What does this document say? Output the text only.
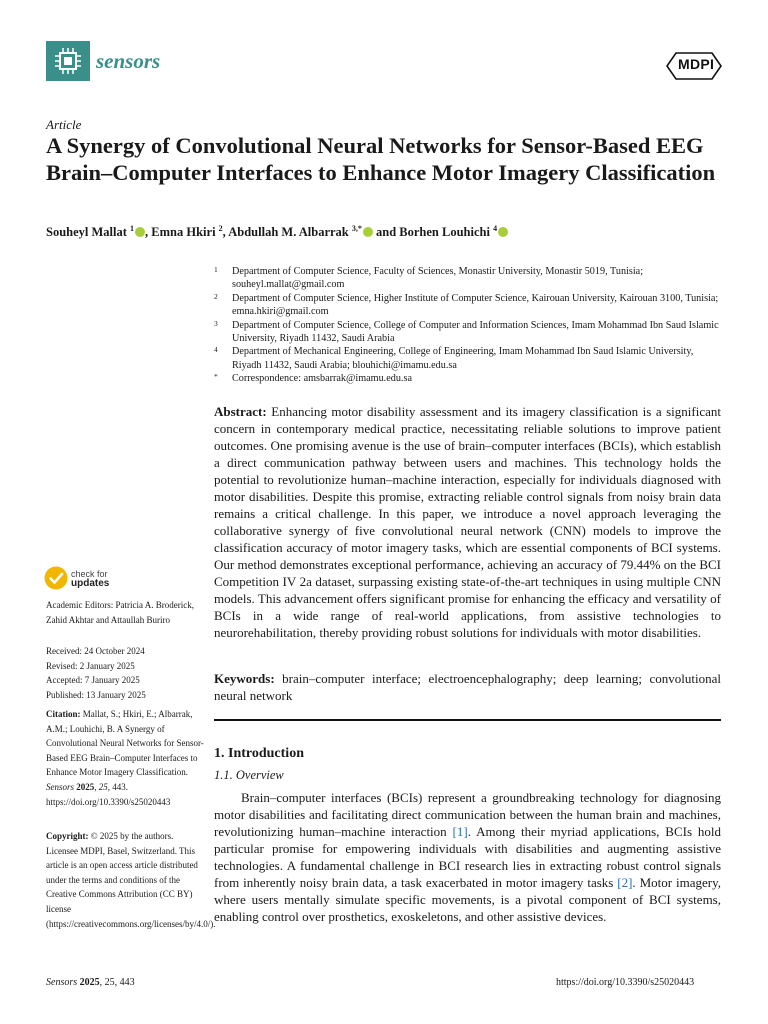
sensors	MDPI
Article
A Synergy of Convolutional Neural Networks for Sensor-Based EEG Brain–Computer Interfaces to Enhance Motor Imagery Classification
Souheyl Mallat $^1$ , Emna Hkiri $^2$, Abdullah M. Albarrak $^{3,*}$ and Borhen Louhichi $^4$
1 Department of Computer Science, Faculty of Sciences, Monastir University, Monastir 5019, Tunisia; souheyl.mallat@gmail.com
2 Department of Computer Science, Higher Institute of Computer Science, Kairouan University, Kairouan 3100, Tunisia; emna.hkiri@gmail.com
3 Department of Computer Science, College of Computer and Information Sciences, Imam Mohammad Ibn Saud Islamic University, Riyadh 11432, Saudi Arabia
4 Department of Mechanical Engineering, College of Engineering, Imam Mohammad Ibn Saud Islamic University, Riyadh 11432, Saudi Arabia; blouhichi@imamu.edu.sa
* Correspondence: amsbarrak@imamu.edu.sa
Abstract: Enhancing motor disability assessment and its imagery classification is a significant concern in contemporary medical practice, necessitating reliable solutions to improve patient outcomes. One promising avenue is the use of brain–computer interfaces (BCIs), which establish a direct communication pathway between users and machines. This technology holds the potential to revolutionize human–machine interaction, especially for individuals diagnosed with motor disabilities. Despite this promise, extracting reliable control signals from noisy brain data remains a critical challenge. In this paper, we introduce a novel approach leveraging the collaborative synergy of five convolutional neural network (CNN) models to improve the classification accuracy of motor imagery tasks, which are essential components of BCI systems. Our method demonstrates exceptional performance, achieving an accuracy of 79.44% on the BCI Competition IV 2a dataset, surpassing existing state-of-the-art techniques in using multiple CNN models. This advancement offers significant promise for enhancing the efficacy and versatility of BCIs in a wide range of real-world applications, from assistive technologies to neurorehabilitation, thereby providing robust solutions for individuals with motor disabilities.
Keywords: brain–computer interface; electroencephalography; deep learning; convolutional neural network
1. Introduction
1.1. Overview
Brain–computer interfaces (BCIs) represent a groundbreaking technology for diagnosing motor disabilities and facilitating direct communication between the human brain and machines, revolutionizing human–machine interaction [1]. Among their myriad applications, BCIs hold particular promise for empowering individuals with disabilities and augmenting assistive technologies. A fundamental challenge in BCI research lies in extracting robust control signals from inherently noisy brain data, a task exacerbated in motor imagery tasks [2]. Motor imagery, where users mentally simulate specific movements, is a pivotal component of BCI systems, enabling control over prosthetics, exoskeletons, and other assistive devices.
check for
updates
Academic Editors: Patricia A. Broderick, Zahid Akhtar and Attaullah Buriro
Received: 24 October 2024
Revised: 2 January 2025
Accepted: 7 January 2025
Published: 13 January 2025
Citation: Mallat, S.; Hkiri, E.; Albarrak, A.M.; Louhichi, B. A Synergy of Convolutional Neural Networks for Sensor-Based EEG Brain–Computer Interfaces to Enhance Motor Imagery Classification. Sensors 2025, 25, 443. https://doi.org/10.3390/s25020443
Copyright: © 2025 by the authors. Licensee MDPI, Basel, Switzerland. This article is an open access article distributed under the terms and conditions of the Creative Commons Attribution (CC BY) license (https://creativecommons.org/licenses/by/4.0/).
Sensors 2025, 25, 443	https://doi.org/10.3390/s25020443
